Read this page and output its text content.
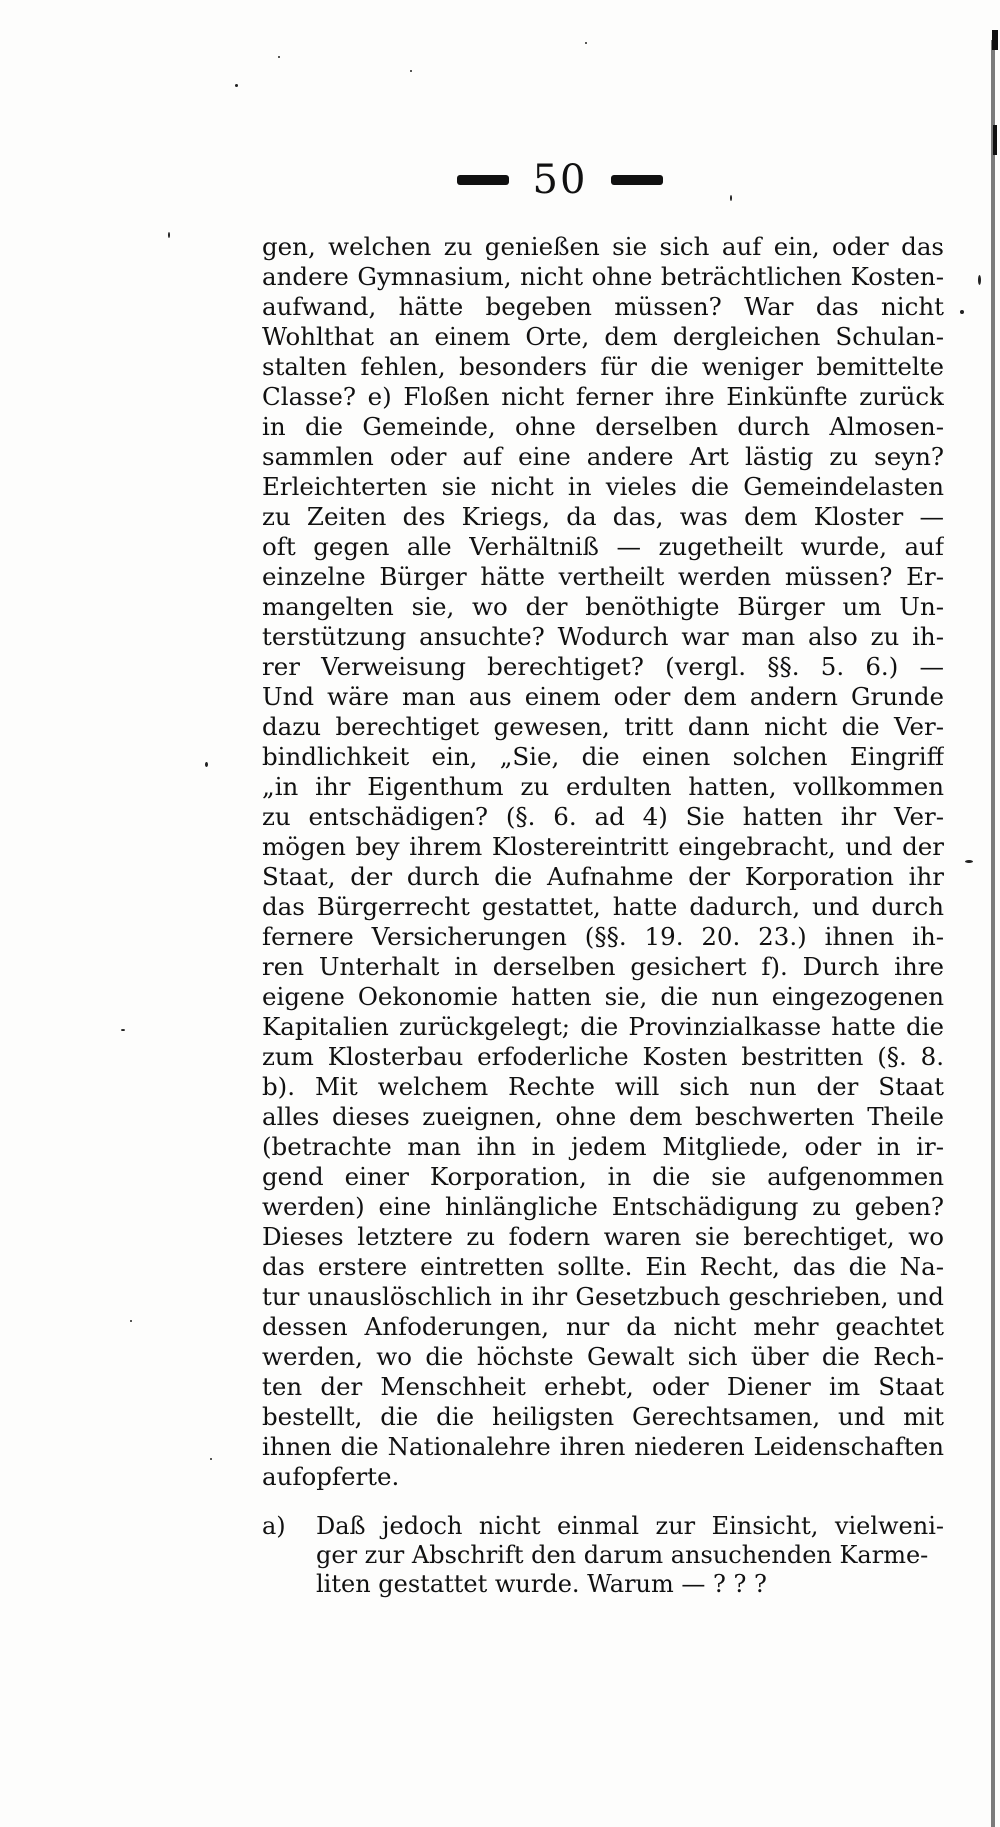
50
gen, welchen zu genießen sie sich auf ein, oder das
andere Gymnasium, nicht ohne beträchtlichen Kosten-
aufwand, hätte begeben müssen? War das nicht
Wohlthat an einem Orte, dem dergleichen Schulan-
stalten fehlen, besonders für die weniger bemittelte
Classe? e) Floßen nicht ferner ihre Einkünfte zurück
in die Gemeinde, ohne derselben durch Almosen-
sammlen oder auf eine andere Art lästig zu seyn?
Erleichterten sie nicht in vieles die Gemeindelasten
zu Zeiten des Kriegs, da das, was dem Kloster —
oft gegen alle Verhältniß — zugetheilt wurde, auf
einzelne Bürger hätte vertheilt werden müssen? Er-
mangelten sie, wo der benöthigte Bürger um Un-
terstützung ansuchte? Wodurch war man also zu ih-
rer Verweisung berechtiget? (vergl. §§. 5. 6.) —
Und wäre man aus einem oder dem andern Grunde
dazu berechtiget gewesen, tritt dann nicht die Ver-
bindlichkeit ein, „Sie, die einen solchen Eingriff
„in ihr Eigenthum zu erdulten hatten, vollkommen
zu entschädigen? (§. 6. ad 4) Sie hatten ihr Ver-
mögen bey ihrem Klostereintritt eingebracht, und der
Staat, der durch die Aufnahme der Korporation ihr
das Bürgerrecht gestattet, hatte dadurch, und durch
fernere Versicherungen (§§. 19. 20. 23.) ihnen ih-
ren Unterhalt in derselben gesichert f). Durch ihre
eigene Oekonomie hatten sie, die nun eingezogenen
Kapitalien zurückgelegt; die Provinzialkasse hatte die
zum Klosterbau erfoderliche Kosten bestritten (§. 8.
b). Mit welchem Rechte will sich nun der Staat
alles dieses zueignen, ohne dem beschwerten Theile
(betrachte man ihn in jedem Mitgliede, oder in ir-
gend einer Korporation, in die sie aufgenommen
werden) eine hinlängliche Entschädigung zu geben?
Dieses letztere zu fodern waren sie berechtiget, wo
das erstere eintretten sollte. Ein Recht, das die Na-
tur unauslöschlich in ihr Gesetzbuch geschrieben, und
dessen Anfoderungen, nur da nicht mehr geachtet
werden, wo die höchste Gewalt sich über die Rech-
ten der Menschheit erhebt, oder Diener im Staat
bestellt, die die heiligsten Gerechtsamen, und mit
ihnen die Nationalehre ihren niederen Leidenschaften
aufopferte.
a) Daß jedoch nicht einmal zur Einsicht, vielweni-
ger zur Abschrift den darum ansuchenden Karme-
liten gestattet wurde. Warum — ? ? ?
